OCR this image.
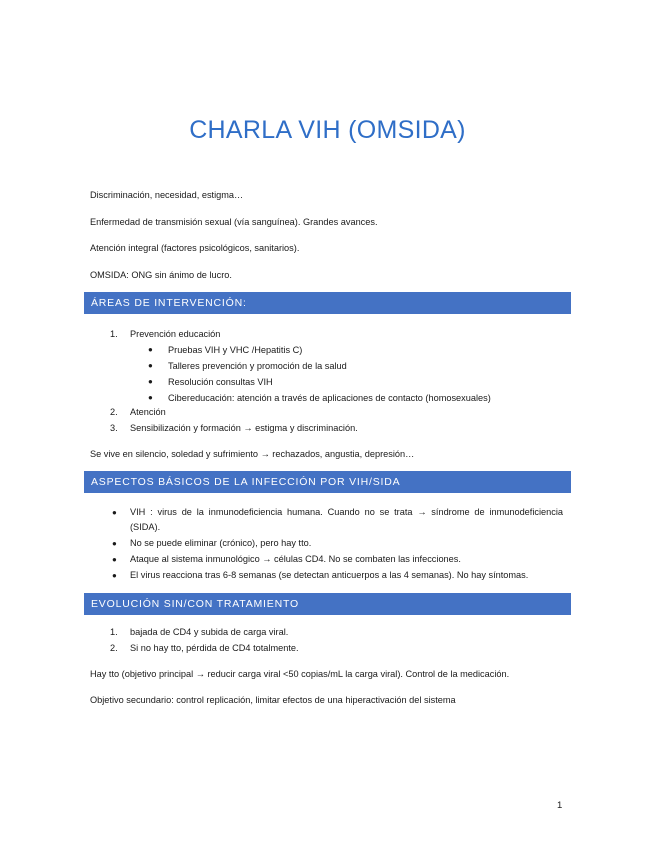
CHARLA VIH (OMSIDA)
Discriminación, necesidad, estigma…
Enfermedad de transmisión sexual (vía sanguínea). Grandes avances.
Atención integral (factores psicológicos, sanitarios).
OMSIDA: ONG sin ánimo de lucro.
ÁREAS DE INTERVENCIÓN:
1.	Prevención educación
● Pruebas VIH y VHC /Hepatitis C)
● Talleres prevención y promoción de la salud
● Resolución consultas VIH
● Cibereducación: atención a través de aplicaciones de contacto (homosexuales)
2.	Atención
3.	Sensibilización y formación → estigma y discriminación.
Se vive en silencio, soledad y sufrimiento → rechazados, angustia, depresión…
ASPECTOS BÁSICOS DE LA INFECCIÓN POR VIH/SIDA
● VIH : virus de la inmunodeficiencia humana. Cuando no se trata → síndrome de inmunodeficiencia (SIDA).
● No se puede eliminar (crónico), pero hay tto.
● Ataque al sistema inmunológico → células CD4. No se combaten las infecciones.
● El virus reacciona tras 6-8 semanas (se detectan anticuerpos a las 4 semanas). No hay síntomas.
EVOLUCIÓN SIN/CON TRATAMIENTO
1.	bajada de CD4 y subida de carga viral.
2.	Si no hay tto, pérdida de CD4 totalmente.
Hay tto (objetivo principal → reducir carga viral <50 copias/mL la carga viral). Control de la medicación.
Objetivo secundario: control replicación, limitar efectos de una hiperactivación del sistema
1
